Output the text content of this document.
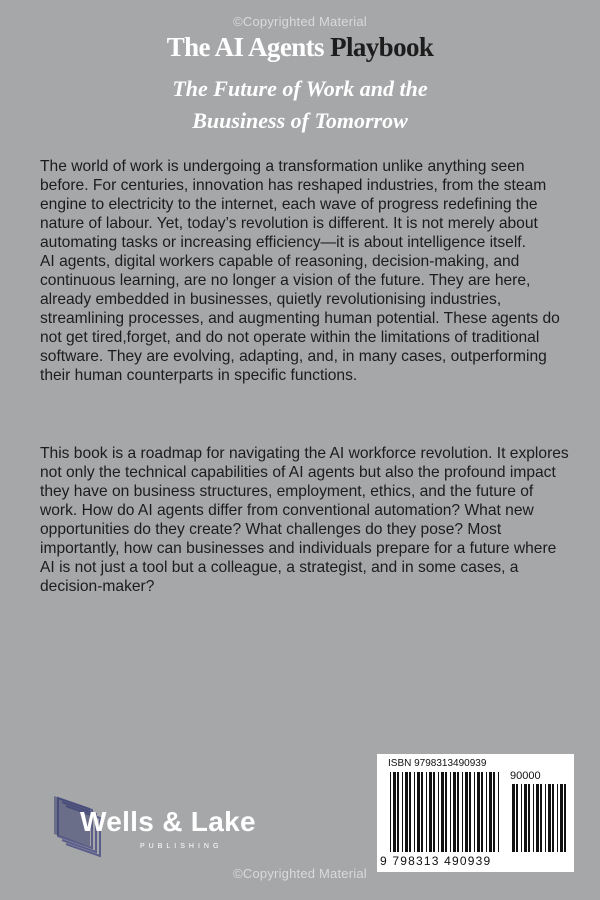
©Copyrighted Material
The AI Agents Playbook
The Future of Work and the
Buusiness of Tomorrow

The world of work is undergoing a transformation unlike anything seen before. For centuries, innovation has reshaped industries, from the steam engine to electricity to the internet, each wave of progress redefining the nature of labour. Yet, today’s revolution is different. It is not merely about automating tasks or increasing efficiency—it is about intelligence itself.

AI agents, digital workers capable of reasoning, decision-making, and continuous learning, are no longer a vision of the future. They are here, already embedded in businesses, quietly revolutionising industries, streamlining processes, and augmenting human potential. These agents do not get tired,forget, and do not operate within the limitations of traditional software. They are evolving, adapting, and, in many cases, outperforming their human counterparts in specific functions.

This book is a roadmap for navigating the AI workforce revolution. It explores not only the technical capabilities of AI agents but also the profound impact they have on business structures, employment, ethics, and the future of work. How do AI agents differ from conventional automation? What new opportunities do they create? What challenges do they pose? Most importantly, how can businesses and individuals prepare for a future where AI is not just a tool but a colleague, a strategist, and in some cases, a decision-maker?

Wells & Lake
PUBLISHING
ISBN 9798313490939
90000
9 798313 490939
©Copyrighted Material
